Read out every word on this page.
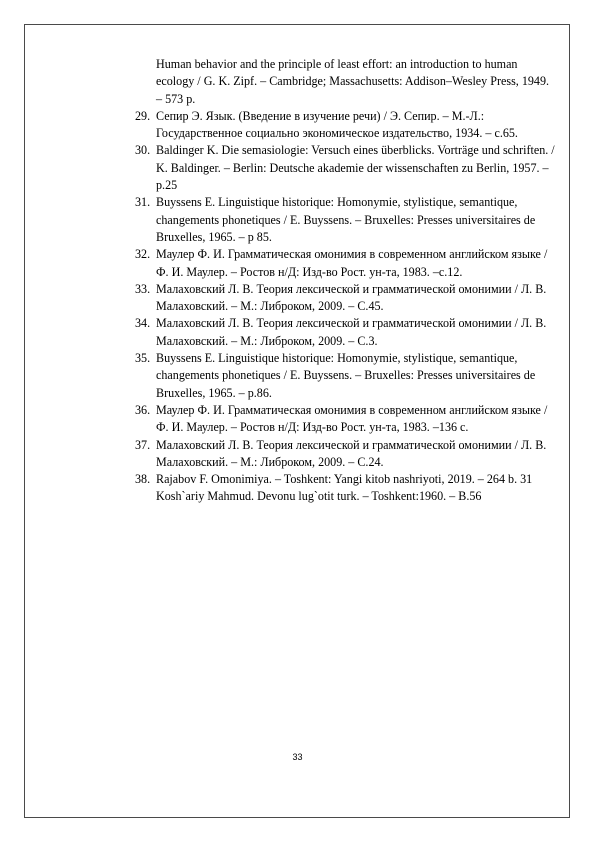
Human behavior and the principle of least effort: an introduction to human ecology / G. K. Zipf. – Cambridge; Massachusetts: Addison–Wesley Press, 1949. – 573 p.
29. Сепир Э. Язык. (Введение в изучение речи) / Э. Сепир. – М.-Л.: Государственное социально экономическое издательство, 1934. – с.65.
30. Baldinger K. Die semasiologie: Versuch eines überblicks. Vorträge und schriften. / K. Baldinger. – Berlin: Deutsche akademie der wissenschaften zu Berlin, 1957. – p.25
31. Buyssens E. Linguistique historique: Homonymie, stylistique, semantique, changements phonetiques / E. Buyssens. – Bruxelles: Presses universitaires de Bruxelles, 1965. – p 85.
32. Маулер Ф. И. Грамматическая омонимия в современном английском языке / Ф. И. Маулер. – Ростов н/Д: Изд-во Рост. ун-та, 1983. –с.12.
33. Малаховский Л. В. Теория лексической и грамматической омонимии / Л. В. Малаховский. – М.: Либроком, 2009. – С.45.
34. Малаховский Л. В. Теория лексической и грамматической омонимии / Л. В. Малаховский. – М.: Либроком, 2009. – С.3.
35. Buyssens E. Linguistique historique: Homonymie, stylistique, semantique, changements phonetiques / E. Buyssens. – Bruxelles: Presses universitaires de Bruxelles, 1965. – p.86.
36. Маулер Ф. И. Грамматическая омонимия в современном английском языке / Ф. И. Маулер. – Ростов н/Д: Изд-во Рост. ун-та, 1983. –136 с.
37. Малаховский Л. В. Теория лексической и грамматической омонимии / Л. В. Малаховский. – М.: Либроком, 2009. – С.24.
38. Rajabov F. Omonimiya. – Toshkent: Yangi kitob nashriyoti, 2019. – 264 b. 31 Kosh`ariy Mahmud. Devonu lug`otit turk. – Toshkent:1960. – B.56
33
